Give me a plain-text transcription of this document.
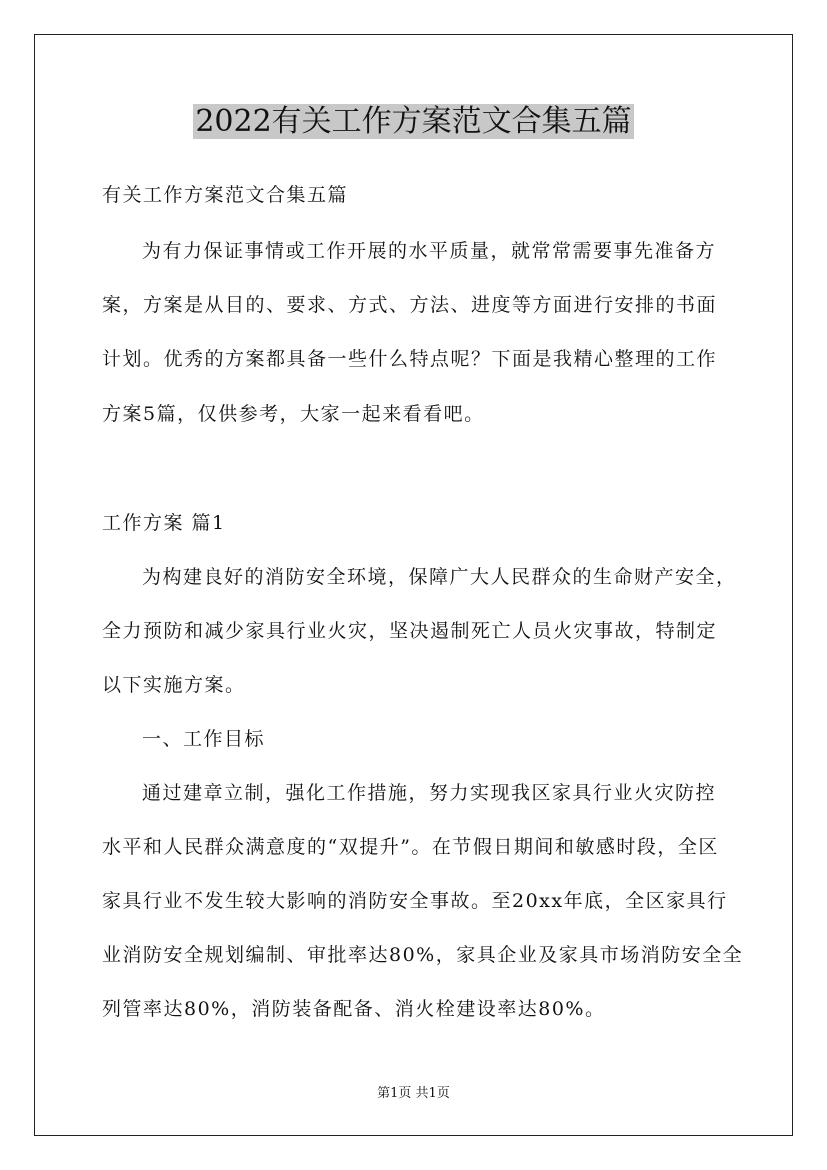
2022有关工作方案范文合集五篇
有关工作方案范文合集五篇
为有力保证事情或工作开展的水平质量，就常常需要事先准备方
案，方案是从目的、要求、方式、方法、进度等方面进行安排的书面
计划。优秀的方案都具备一些什么特点呢？下面是我精心整理的工作
方案5篇，仅供参考，大家一起来看看吧。
工作方案 篇1
为构建良好的消防安全环境，保障广大人民群众的生命财产安全，
全力预防和减少家具行业火灾，坚决遏制死亡人员火灾事故，特制定
以下实施方案。
一、工作目标
通过建章立制，强化工作措施，努力实现我区家具行业火灾防控
水平和人民群众满意度的“双提升”。在节假日期间和敏感时段，全区
家具行业不发生较大影响的消防安全事故。至20xx年底，全区家具行
业消防安全规划编制、审批率达80%，家具企业及家具市场消防安全全
列管率达80%，消防装备配备、消火栓建设率达80%。
第1页 共1页
